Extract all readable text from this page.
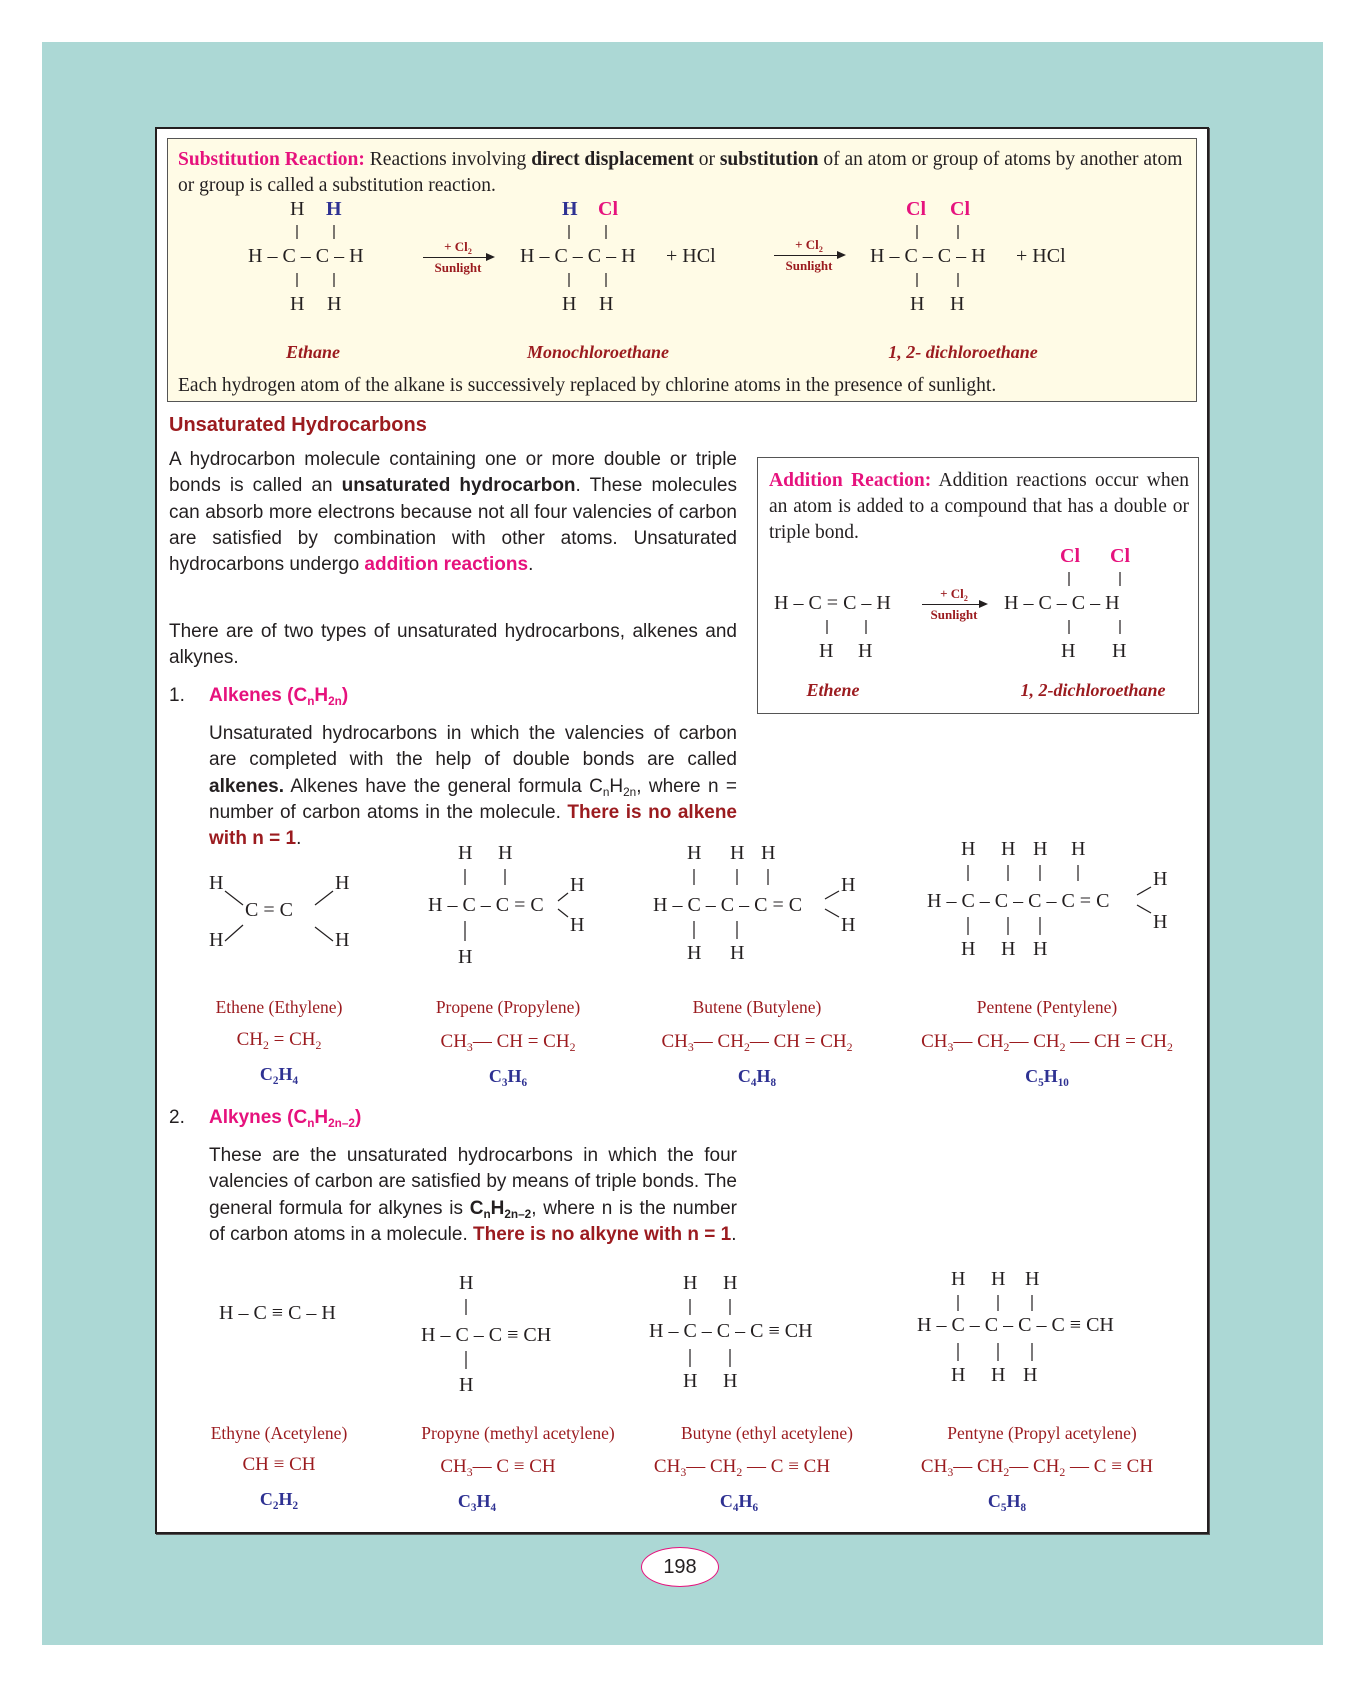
Substitution Reaction: Reactions involving direct displacement or substitution of an atom or group of atoms by another atom or group is called a substitution reaction.
H H
H – C – C – H
H H
Ethane
+ $Cl_2$
Sunlight
H Cl
H – C – C – H + HCl
H H
Monochloroethane
+ $Cl_2$
Sunlight
Cl Cl
H – C – C – H + HCl
H H
1, 2- dichloroethane
Each hydrogen atom of the alkane is successively replaced by chlorine atoms in the presence of sunlight.
Unsaturated Hydrocarbons
A hydrocarbon molecule containing one or more double or triple bonds is called an unsaturated hydrocarbon. These molecules can absorb more electrons because not all four valencies of carbon are satisfied by combination with other atoms. Unsaturated hydrocarbons undergo addition reactions.
There are of two types of unsaturated hydrocarbons, alkenes and alkynes.
Addition Reaction: Addition reactions occur when an atom is added to a compound that has a double or triple bond.
Cl Cl
H – C = C – H	H – C – C – H
H H	H H
+ $Cl_2$
Sunlight
Ethene	1, 2-dichloroethane
1. Alkenes $(C_nH_{2n})$
Unsaturated hydrocarbons in which the valencies of carbon are completed with the help of double bonds are called alkenes. Alkenes have the general formula $C_nH_{2n}$, where n = number of carbon atoms in the molecule. There is no alkene with n = 1.
H	H
C = C
H	H
H H
H – C – C = C
H
H
H
H H H
H – C – C – C = C
H
H
H H
H H H H
H – C – C – C – C = C
H
H
H H H
Ethene (Ethylene)	Propene (Propylene)	Butene (Butylene)	Pentene (Pentylene)
$CH_2 = CH_2$	$CH_3—$ CH = $CH_2$	$CH_3—$ $CH_2—$ CH = $CH_2$	$CH_3—$ $CH_2—$ $CH_2$ — CH = $CH_2$
$C_2H_4$	$C_3H_6$	$C_4H_8$	$C_5H_{10}$
2. Alkynes $(C_nH_{2n-2})$
These are the unsaturated hydrocarbons in which the four valencies of carbon are satisfied by means of triple bonds. The general formula for alkynes is $C_nH_{2n-2}$, where n is the number of carbon atoms in a molecule. There is no alkyne with n = 1.
H – C ≡ C – H
H
H – C – C ≡ CH
H
H H
H – C – C – C ≡ CH
H H
H H H
H – C – C – C – C ≡ CH
H H H
Ethyne (Acetylene)	Propyne (methyl acetylene)	Butyne (ethyl acetylene)	Pentyne (Propyl acetylene)
CH ≡ CH	$CH_3—$ C ≡ CH	$CH_3—$ $CH_2$ — C ≡ CH	$CH_3—$ $CH_2—$ $CH_2$ — C ≡ CH
$C_2H_2$	$C_3H_4$	$C_4H_6$	$C_5H_8$
198
